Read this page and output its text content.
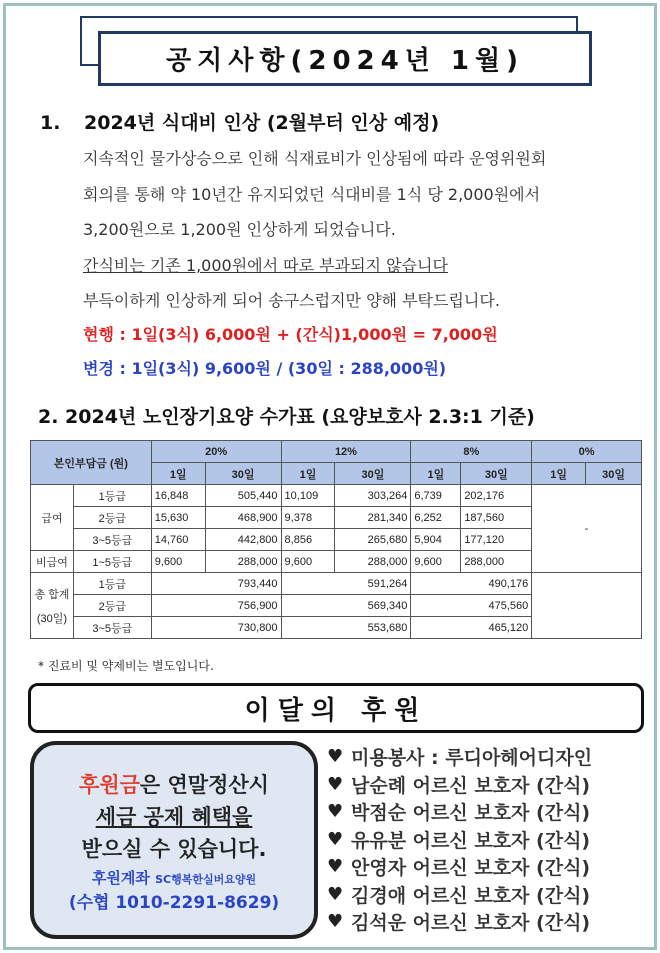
공지사항(2024년 1월)
1. 2024년 식대비 인상 (2월부터 인상 예정)
지속적인 물가상승으로 인해 식재료비가 인상됨에 따라 운영위원회
회의를 통해 약 10년간 유지되었던 식대비를 1식 당 2,000원에서
3,200원으로 1,200원 인상하게 되었습니다.
간식비는 기존 1,000원에서 따로 부과되지 않습니다
부득이하게 인상하게 되어 송구스럽지만 양해 부탁드립니다.
현행 : 1일(3식) 6,000원 + (간식)1,000원 = 7,000원
변경 : 1일(3식) 9,600원 / (30일 : 288,000원)
2. 2024년 노인장기요양 수가표 (요양보호사 2.3:1 기준)
본인부담금 (원)		20%		12%		8%		0%	
		1일	30일	1일	30일	1일	30일	1일	30일
급여	1등급	16,848	505,440	10,109	303,264	6,739	202,176	-	
	2등급	15,630	468,900	9,378	281,340	6,252	187,560		
	3~5등급	14,760	442,800	8,856	265,680	5,904	177,120		
비급여	1~5등급	9,600	288,000	9,600	288,000	9,600	288,000		

총 합계
(30일)	1등급	793,440		591,264		490,176			
	2등급	756,900		569,340		475,560			
	3~5등급	730,800		553,680		465,120			
* 진료비 및 약제비는 별도입니다.
이달의 후원
후원금은 연말정산시
세금 공제 혜택을
받으실 수 있습니다.
후원계좌 SC행복한실버요양원
(수협 1010-2291-8629)
♥ 미용봉사 : 루디아헤어디자인
♥ 남순례 어르신 보호자 (간식)
♥ 박점순 어르신 보호자 (간식)
♥ 유유분 어르신 보호자 (간식)
♥ 안영자 어르신 보호자 (간식)
♥ 김경애 어르신 보호자 (간식)
♥ 김석운 어르신 보호자 (간식)
